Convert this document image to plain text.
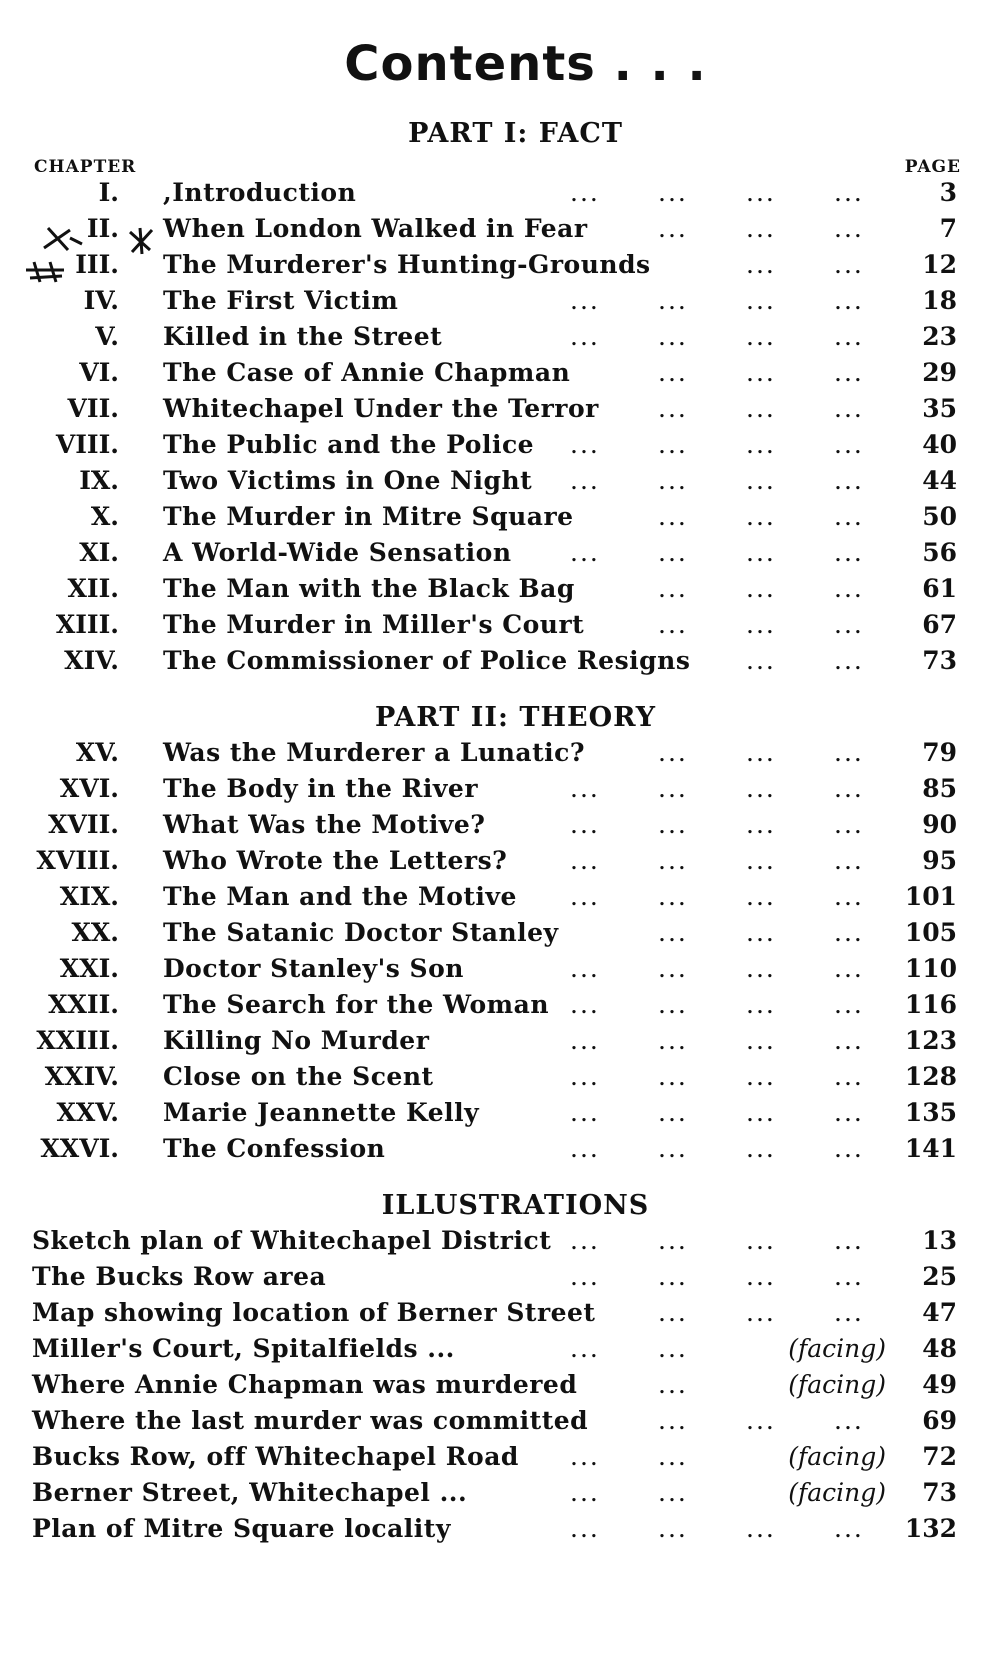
Contents . . .
PART I: FACT
CHAPTER	PAGE
I. ,Introduction	3
... ... ... ...
II. When London Walked in Fear	7
... ... ...
III. The Murderer's Hunting-Grounds	12
... ...
IV. The First Victim	18
... ... ... ...
V. Killed in the Street	23
... ... ... ...
VI. The Case of Annie Chapman	29
... ... ...
VII. Whitechapel Under the Terror	35
... ... ...
VIII. The Public and the Police	40
... ... ... ...
IX. Two Victims in One Night	44
... ... ... ...
X. The Murder in Mitre Square	50
... ... ...
XI. A World-Wide Sensation	56
... ... ... ...
XII. The Man with the Black Bag	61
... ... ...
XIII. The Murder in Miller's Court	67
... ... ...
XIV. The Commissioner of Police Resigns	73
... ...
PART II: THEORY
XV. Was the Murderer a Lunatic?	79
... ... ...
XVI. The Body in the River	85
... ... ... ...
XVII. What Was the Motive?	90
... ... ... ...
XVIII. Who Wrote the Letters?	95
... ... ... ...
XIX. The Man and the Motive	101
... ... ... ...
XX. The Satanic Doctor Stanley	105
... ... ...
XXI. Doctor Stanley's Son	110
... ... ... ...
XXII. The Search for the Woman	116
... ... ... ...
XXIII. Killing No Murder	123
... ... ... ...
XXIV. Close on the Scent	128
... ... ... ...
XXV. Marie Jeannette Kelly	135
... ... ... ...
XXVI. The Confession	141
... ... ... ...
ILLUSTRATIONS
Sketch plan of Whitechapel District	13
... ... ... ...
The Bucks Row area	25
... ... ... ...
Map showing location of Berner Street	47
... ... ...
Miller's Court, Spitalfields ...	(facing) 48
... ...
Where Annie Chapman was murdered	(facing) 49
...
Where the last murder was committed	69
... ... ...
Bucks Row, off Whitechapel Road	(facing) 72
... ...
Berner Street, Whitechapel ...	(facing) 73
... ...
Plan of Mitre Square locality	132
... ... ... ...
